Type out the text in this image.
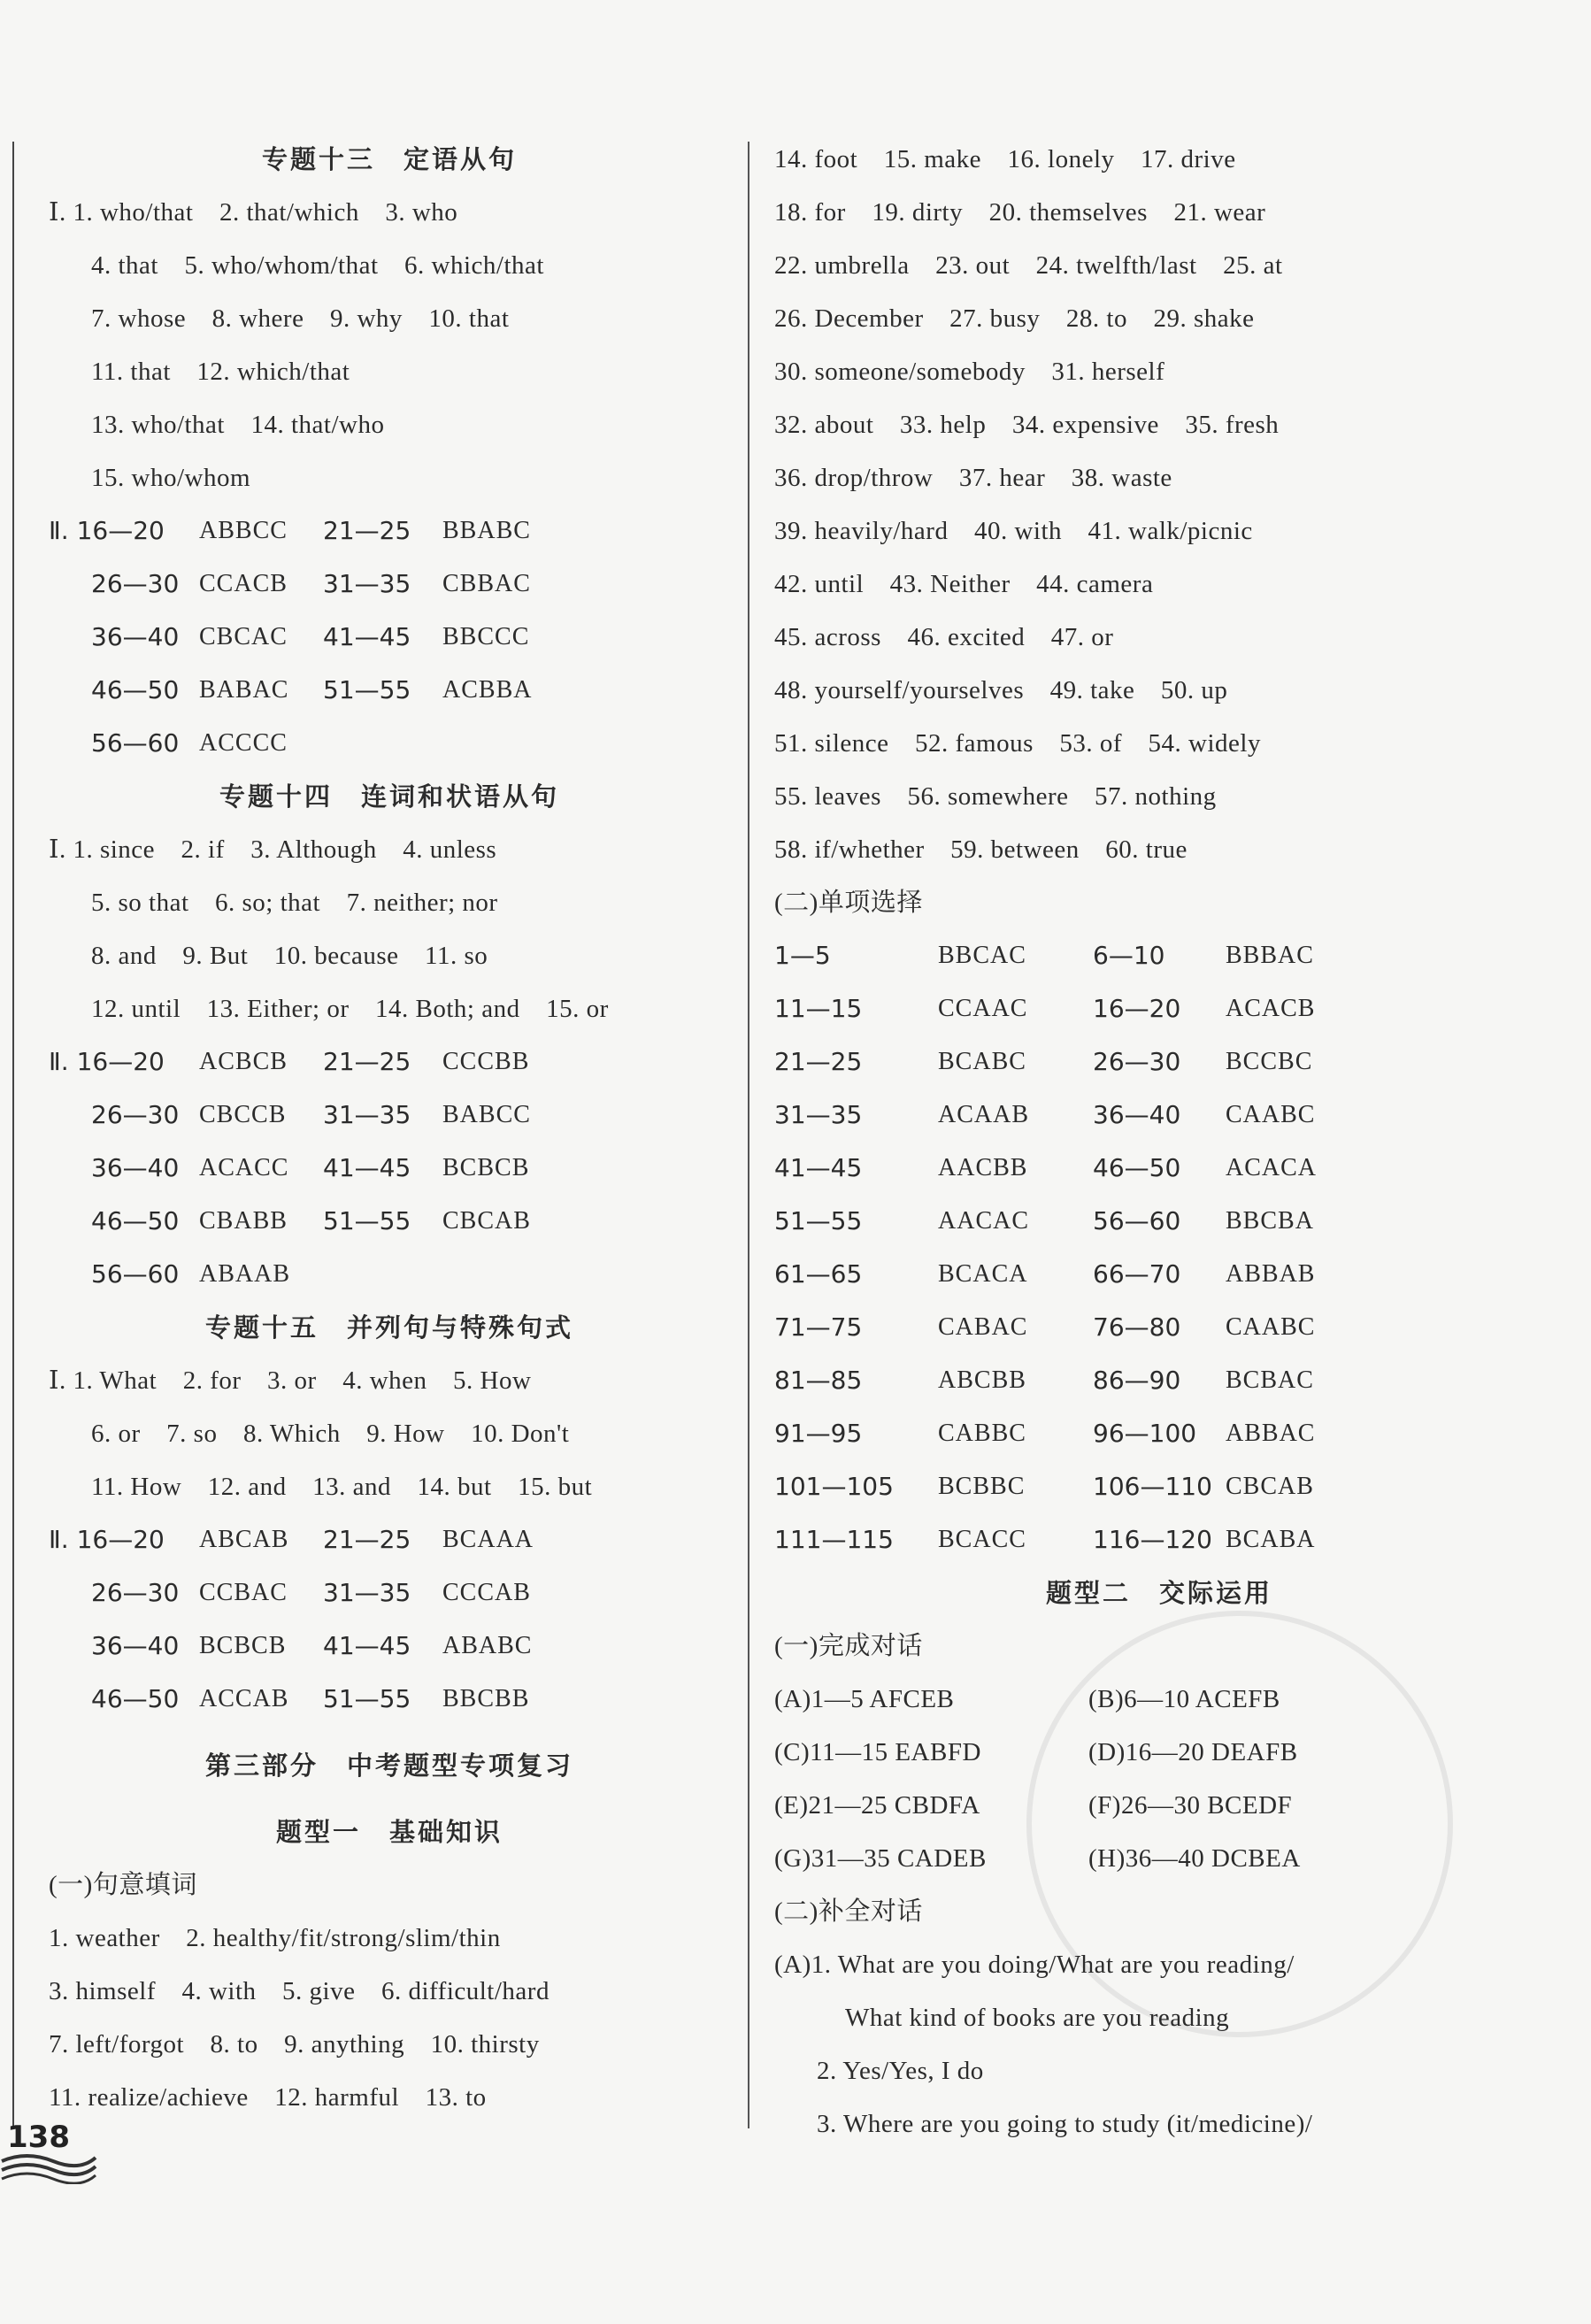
专题十三　定语从句
Ⅰ. 1. who/that　2. that/which　3. who
4. that　5. who/whom/that　6. which/that
7. whose　8. where　9. why　10. that
11. that　12. which/that
13. who/that　14. that/who
15. who/whom
Ⅱ. 16—20	ABBCC	21—25	BBABC
26—30 CCACB	31—35	CBBAC
36—40 CBCAC	41—45	BBCCC
46—50 BABAC	51—55	ACBBA
56—60 ACCCC
专题十四　连词和状语从句
Ⅰ. 1. since　2. if　3. Although　4. unless
5. so that　6. so; that　7. neither; nor
8. and　9. But　10. because　11. so
12. until　13. Either; or　14. Both; and　15. or
Ⅱ. 16—20	ACBCB	21—25	CCCBB
26—30 CBCCB	31—35	BABCC
36—40 ACACC	41—45	BCBCB
46—50 CBABB	51—55	CBCAB
56—60 ABAAB
专题十五　并列句与特殊句式
Ⅰ. 1. What　2. for　3. or　4. when　5. How
6. or　7. so　8. Which　9. How　10. Don't
11. How　12. and　13. and　14. but　15. but
Ⅱ. 16—20	ABCAB	21—25	BCAAA
26—30 CCBAC	31—35	CCCAB
36—40 BCBCB	41—45	ABABC
46—50 ACCAB	51—55	BBCBB
第三部分　中考题型专项复习
题型一　基础知识
(一)句意填词
1. weather　2. healthy/fit/strong/slim/thin
3. himself　4. with　5. give　6. difficult/hard
7. left/forgot　8. to　9. anything　10. thirsty
11. realize/achieve　12. harmful　13. to
14. foot　15. make　16. lonely　17. drive
18. for　19. dirty　20. themselves　21. wear
22. umbrella　23. out　24. twelfth/last　25. at
26. December　27. busy　28. to　29. shake
30. someone/somebody　31. herself
32. about　33. help　34. expensive　35. fresh
36. drop/throw　37. hear　38. waste
39. heavily/hard　40. with　41. walk/picnic
42. until　43. Neither　44. camera
45. across　46. excited　47. or
48. yourself/yourselves　49. take　50. up
51. silence　52. famous　53. of　54. widely
55. leaves　56. somewhere　57. nothing
58. if/whether　59. between　60. true
(二)单项选择
1—5	BBCAC	6—10	BBBAC
11—15	CCAAC	16—20	ACACB
21—25	BCABC	26—30	BCCBC
31—35	ACAAB	36—40	CAABC
41—45	AACBB	46—50	ACACA
51—55	AACAC	56—60	BBCBA
61—65	BCACA	66—70	ABBAB
71—75	CABAC	76—80	CAABC
81—85	ABCBB	86—90	BCBAC
91—95	CABBC	96—100	ABBAC
101—105	BCBBC	106—110 CBCAB
111—115	BCACC	116—120 BCABA
题型二　交际运用
(一)完成对话
(A)1—5 AFCEB	(B)6—10 ACEFB
(C)11—15 EABFD	(D)16—20 DEAFB
(E)21—25 CBDFA	(F)26—30 BCEDF
(G)31—35 CADEB	(H)36—40 DCBEA
(二)补全对话
(A)1. What are you doing/What are you reading/
What kind of books are you reading
2. Yes/Yes, I do
3. Where are you going to study (it/medicine)/
138
